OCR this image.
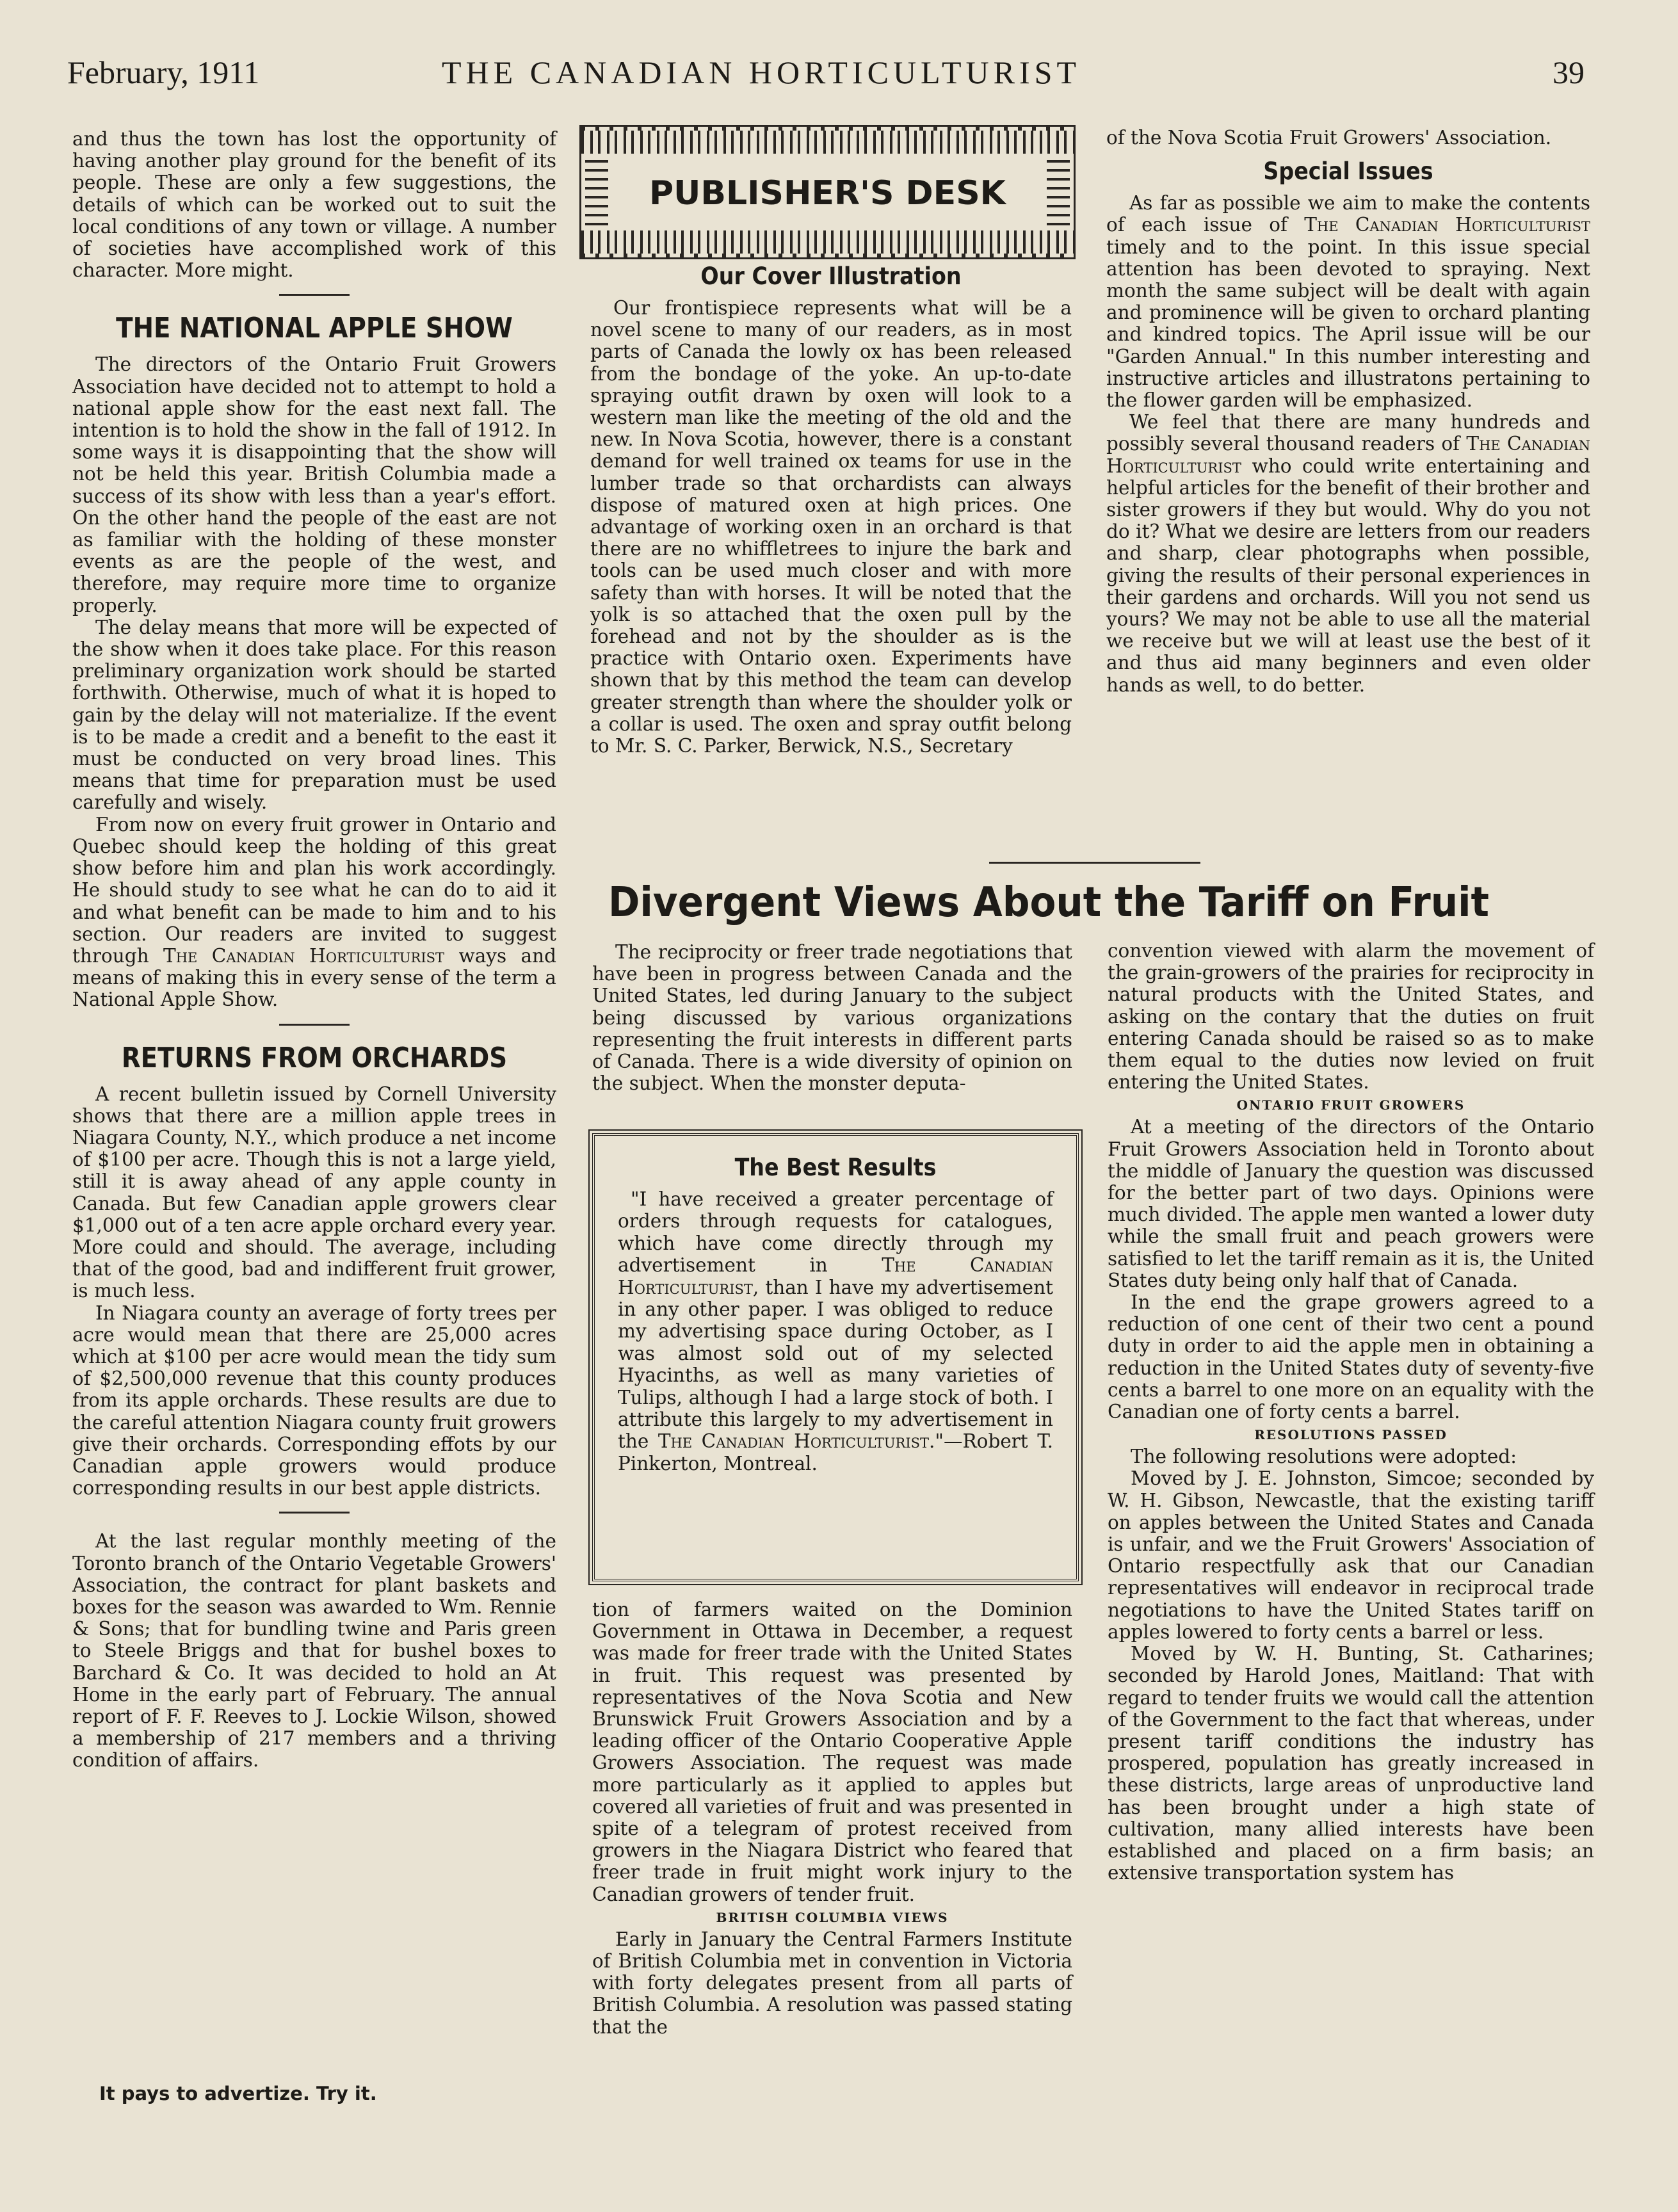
February, 1911	THE CANADIAN HORTICULTURIST	39

and thus the town has lost the opportunity of having another play ground for the benefit of its people. These are only a few suggestions, the details of which can be worked out to suit the local conditions of any town or village. A number of societies have accomplished work of this character. More might.

THE NATIONAL APPLE SHOW

The directors of the Ontario Fruit Growers Association have decided not to attempt to hold a national apple show for the east next fall. The intention is to hold the show in the fall of 1912. In some ways it is disappointing that the show will not be held this year. British Columbia made a success of its show with less than a year's effort. On the other hand the people of the east are not as familiar with the holding of these monster events as are the people of the west, and therefore, may require more time to organize properly.

The delay means that more will be expected of the show when it does take place. For this reason preliminary organization work should be started forthwith. Otherwise, much of what it is hoped to gain by the delay will not materialize. If the event is to be made a credit and a benefit to the east it must be conducted on very broad lines. This means that time for preparation must be used carefully and wisely.

From now on every fruit grower in Ontario and Quebec should keep the holding of this great show before him and plan his work accordingly. He should study to see what he can do to aid it and what benefit can be made to him and to his section. Our readers are invited to suggest through The Canadian Horticulturist ways and means of making this in every sense of the term a National Apple Show.

RETURNS FROM ORCHARDS

A recent bulletin issued by Cornell University shows that there are a million apple trees in Niagara County, N.Y., which produce a net income of $100 per acre. Though this is not a large yield, still it is away ahead of any apple county in Canada. But few Canadian apple growers clear $1,000 out of a ten acre apple orchard every year. More could and should. The average, including that of the good, bad and indifferent fruit grower, is much less.

In Niagara county an average of forty trees per acre would mean that there are 25,000 acres which at $100 per acre would mean the tidy sum of $2,500,000 revenue that this county produces from its apple orchards. These results are due to the careful attention Niagara county fruit growers give their orchards. Corresponding effots by our Canadian apple growers would produce corresponding results in our best apple districts.

At the last regular monthly meeting of the Toronto branch of the Ontario Vegetable Growers' Association, the contract for plant baskets and boxes for the season was awarded to Wm. Rennie & Sons; that for bundling twine and Paris green to Steele Briggs and that for bushel boxes to Barchard & Co. It was decided to hold an At Home in the early part of February. The annual report of F. F. Reeves to J. Lockie Wilson, showed a membership of 217 members and a thriving condition of affairs.

PUBLISHER'S DESK
Our Cover Illustration

Our frontispiece represents what will be a novel scene to many of our readers, as in most parts of Canada the lowly ox has been released from the bondage of the yoke. An up-to-date spraying outfit drawn by oxen will look to a western man like the meeting of the old and the new. In Nova Scotia, however, there is a constant demand for well trained ox teams for use in the lumber trade so that orchardists can always dispose of matured oxen at high prices. One advantage of working oxen in an orchard is that there are no whiffletrees to injure the bark and tools can be used much closer and with more safety than with horses. It will be noted that the yolk is so attached that the oxen pull by the forehead and not by the shoulder as is the practice with Ontario oxen. Experiments have shown that by this method the team can develop greater strength than where the shoulder yolk or a collar is used. The oxen and spray outfit belong to Mr. S. C. Parker, Berwick, N.S., Secretary

of the Nova Scotia Fruit Growers' Association.

Special Issues

As far as possible we aim to make the contents of each issue of The Canadian Horticulturist timely and to the point. In this issue special attention has been devoted to spraying. Next month the same subject will be dealt with again and prominence will be given to orchard planting and kindred topics. The April issue will be our "Garden Annual." In this number interesting and instructive articles and illustratons pertaining to the flower garden will be emphasized.

We feel that there are many hundreds and possibly several thousand readers of The Canadian Horticulturist who could write entertaining and helpful articles for the benefit of their brother and sister growers if they but would. Why do you not do it? What we desire are letters from our readers and sharp, clear photographs when possible, giving the results of their personal experiences in their gardens and orchards. Will you not send us yours? We may not be able to use all the material we receive but we will at least use the best of it and thus aid many beginners and even older hands as well, to do better.

Divergent Views About the Tariff on Fruit

The reciprocity or freer trade negotiations that have been in progress between Canada and the United States, led during January to the subject being discussed by various organizations representing the fruit interests in different parts of Canada. There is a wide diversity of opinion on the subject. When the monster deputa-

The Best Results
"I have received a greater percentage of orders through requests for catalogues, which have come directly through my advertisement in	The Canadian Horticulturist, than I have my advertisement in any other paper. I was obliged to reduce my advertising space during October, as I was almost sold out of my selected Hyacinths, as well as many varieties of Tulips, although I had a large stock of both. I attribute this largely to my advertisement in the The Canadian Horticulturist."—Robert T. Pinkerton, Montreal.

tion of farmers waited on the Dominion Government in Ottawa in December, a request was made for freer trade with the United States in fruit. This request was presented by representatives of the Nova Scotia and New Brunswick Fruit Growers Association and by a leading officer of the Ontario Cooperative Apple Growers Association. The request was made more particularly as it applied to apples but covered all varieties of fruit and was presented in spite of a telegram of protest received from growers in the Niagara District who feared that freer trade in fruit might work injury to the Canadian growers of tender fruit.

BRITISH COLUMBIA VIEWS

Early in January the Central Farmers Institute of British Columbia met in convention in Victoria with forty delegates present from all parts of British Columbia. A resolution was passed stating that the

convention viewed with alarm the movement of the grain-growers of the prairies for reciprocity in natural products with the United States, and asking on the contary that the duties on fruit entering Canada should be raised so as to make them equal to the duties now levied on fruit entering the United States.

ONTARIO FRUIT GROWERS

At a meeting of the directors of the Ontario Fruit Growers Association held in Toronto about the middle of January the question was discussed for the better part of two days. Opinions were much divided. The apple men wanted a lower duty while the small fruit and peach growers were satisfied to let the tariff remain as it is, the United States duty being only half that of Canada.

In the end the grape growers agreed to a reduction of one cent of their two cent a pound duty in order to aid the apple men in obtaining a reduction in the United States duty of seventy-five cents a barrel to one more on an equality with the Canadian one of forty cents a barrel.

RESOLUTIONS PASSED

The following resolutions were adopted:

Moved by J. E. Johnston, Simcoe; seconded by W. H. Gibson, Newcastle, that the existing tariff on apples between the United States and Canada is unfair, and we the Fruit Growers' Association of Ontario respectfully ask that our Canadian representatives will endeavor in reciprocal trade negotiations to have the United States tariff on apples lowered to forty cents a barrel or less.

Moved by W. H. Bunting, St. Catharines; seconded by Harold Jones, Maitland: That with regard to tender fruits we would call the attention of the Government to the fact that whereas, under present tariff conditions the industry has prospered, population has greatly increased in these districts, large areas of unproductive land has been brought under a high state of cultivation, many allied interests have been established and placed on a firm basis; an extensive transportation system has

It pays to advertize. Try it.
